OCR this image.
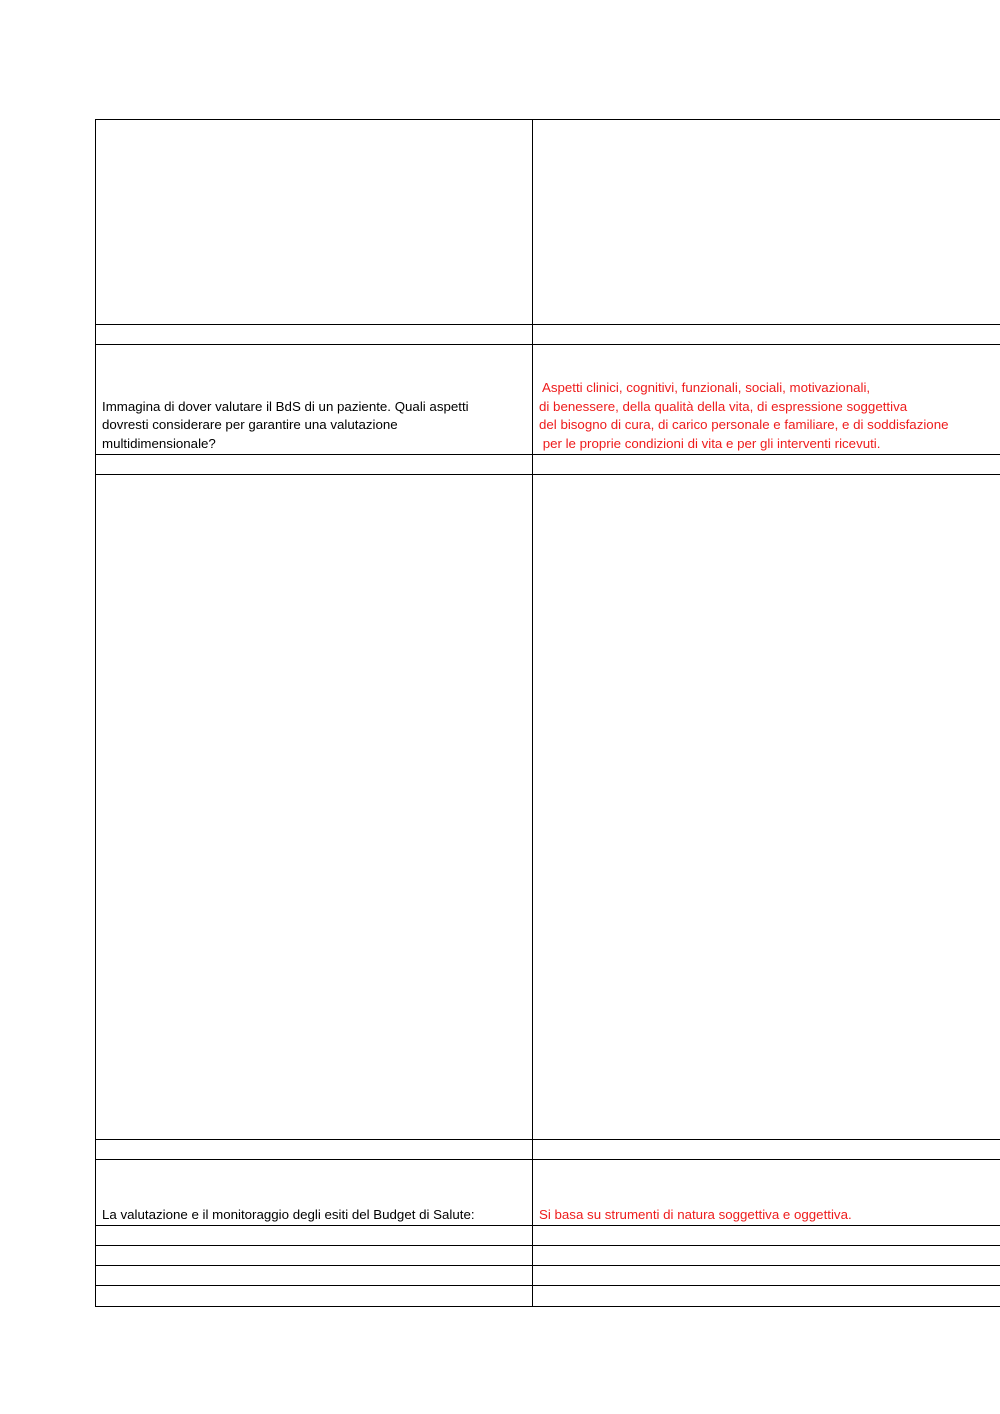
Immagina di dover valutare il BdS di un paziente. Quali aspetti
dovresti considerare per garantire una valutazione
multidimensionale?
Aspetti clinici, cognitivi, funzionali, sociali, motivazionali,
di benessere, della qualità della vita, di espressione soggettiva
del bisogno di cura, di carico personale e familiare, e di soddisfazione
per le proprie condizioni di vita e per gli interventi ricevuti.
La valutazione e il monitoraggio degli esiti del Budget di Salute:	Si basa su strumenti di natura soggettiva e oggettiva.
